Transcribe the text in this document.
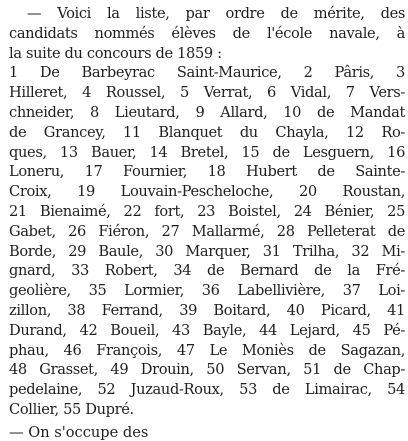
— Voici la liste, par ordre de mérite, des
candidats nommés élèves de l'école navale, à
la suite du concours de 1859 :
1 De Barbeyrac Saint-Maurice, 2 Pâris, 3
Hilleret, 4 Roussel, 5 Verrat, 6 Vidal, 7 Vers-
chneider, 8 Lieutard, 9 Allard, 10 de Mandat
de Grancey, 11 Blanquet du Chayla, 12 Ro-
ques, 13 Bauer, 14 Bretel, 15 de Lesguern, 16
Loneru, 17 Fournier, 18 Hubert de Sainte-
Croix, 19 Louvain-Pescheloche, 20 Roustan,
21 Bienaimé, 22 fort, 23 Boistel, 24 Bénier, 25
Gabet, 26 Fiéron, 27 Mallarmé, 28 Pelleterat de
Borde, 29 Baule, 30 Marquer, 31 Trilha, 32 Mi-
gnard, 33 Robert, 34 de Bernard de la Fré-
geolière, 35 Lormier, 36 Labellivière, 37 Loi-
zillon, 38 Ferrand, 39 Boitard, 40 Picard, 41
Durand, 42 Boueil, 43 Bayle, 44 Lejard, 45 Pé-
phau, 46 François, 47 Le Moniès de Sagazan,
48 Grasset, 49 Drouin, 50 Servan, 51 de Chap-
pedelaine, 52 Juzaud-Roux, 53 de Limairac, 54
Collier, 55 Dupré.
— On s'occupe des
